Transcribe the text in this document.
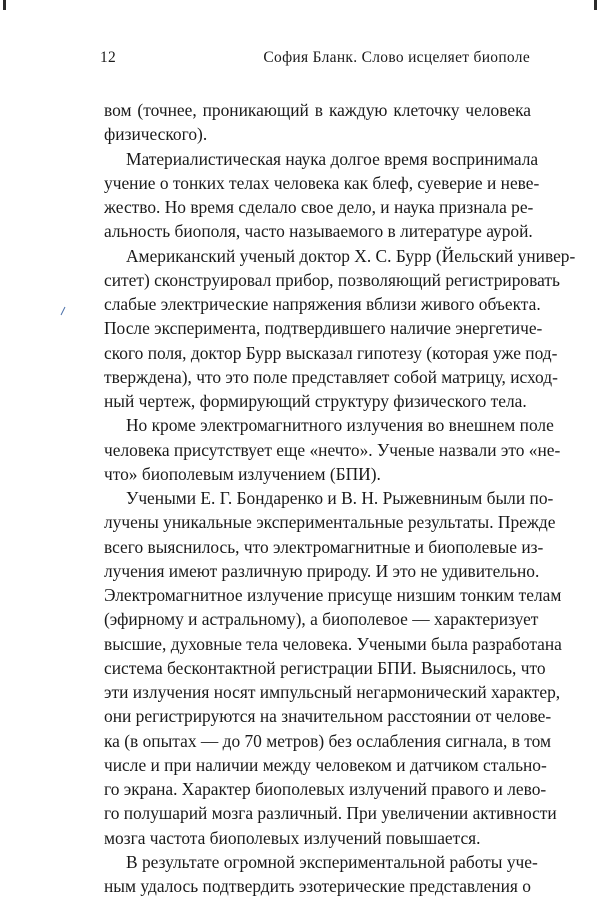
12	София Бланк. Слово исцеляет биополе
вом (точнее, проникающий в каждую клеточку человека
физического).
Материалистическая наука долгое время воспринимала
учение о тонких телах человека как блеф, суеверие и неве-
жество. Но время сделало свое дело, и наука признала ре-
альность биополя, часто называемого в литературе аурой.
Американский ученый доктор Х. С. Бурр (Йельский универ-
ситет) сконструировал прибор, позволяющий регистрировать
слабые электрические напряжения вблизи живого объекта.
После эксперимента, подтвердившего наличие энергетиче-
ского поля, доктор Бурр высказал гипотезу (которая уже под-
тверждена), что это поле представляет собой матрицу, исход-
ный чертеж, формирующий структуру физического тела.
Но кроме электромагнитного излучения во внешнем поле
человека присутствует еще «нечто». Ученые назвали это «не-
что» биополевым излучением (БПИ).
Учеными Е. Г. Бондаренко и В. Н. Рыжевниным были по-
лучены уникальные экспериментальные результаты. Прежде
всего выяснилось, что электромагнитные и биополевые из-
лучения имеют различную природу. И это не удивительно.
Электромагнитное излучение присуще низшим тонким телам
(эфирному и астральному), а биополевое — характеризует
высшие, духовные тела человека. Учеными была разработана
система бесконтактной регистрации БПИ. Выяснилось, что
эти излучения носят импульсный негармонический характер,
они регистрируются на значительном расстоянии от челове-
ка (в опытах — до 70 метров) без ослабления сигнала, в том
числе и при наличии между человеком и датчиком стально-
го экрана. Характер биополевых излучений правого и лево-
го полушарий мозга различный. При увеличении активности
мозга частота биополевых излучений повышается.
В результате огромной экспериментальной работы уче-
ным удалось подтвердить эзотерические представления о
